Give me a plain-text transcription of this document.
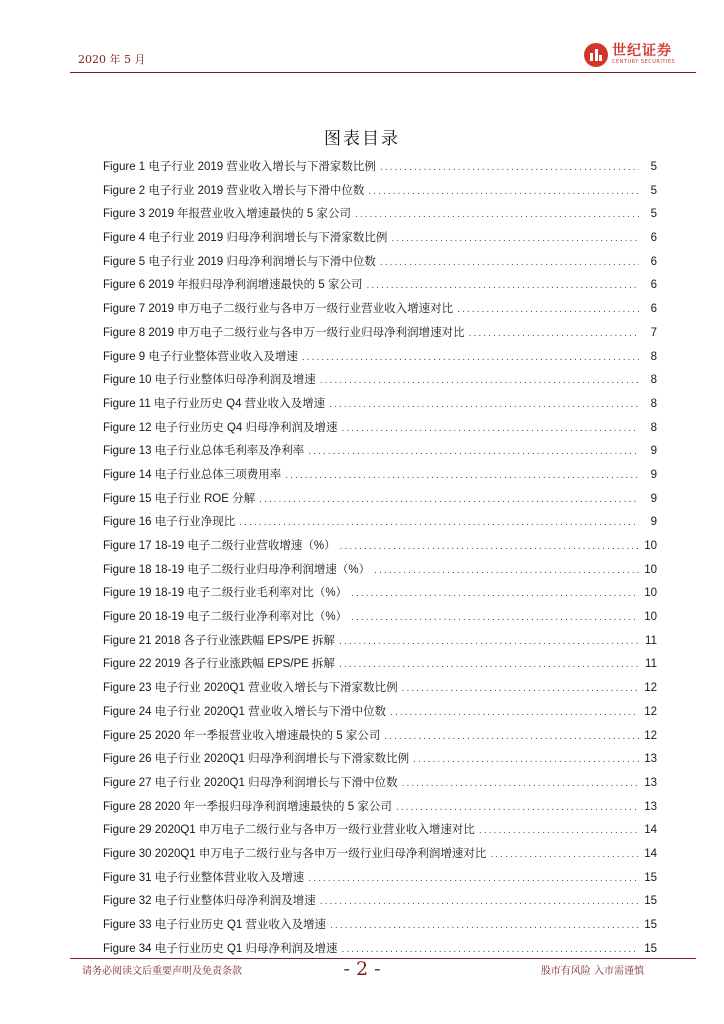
2020 年 5 月
世纪证券
CENTURY SECURITIES
图表目录
Figure 1 电子行业 2019 营业收入增长与下滑家数比例 .....	5
Figure 2 电子行业 2019 营业收入增长与下滑中位数 .....	5
Figure 3 2019 年报营业收入增速最快的 5 家公司 .....	5
Figure 4 电子行业 2019 归母净利润增长与下滑家数比例 .....	6
Figure 5 电子行业 2019 归母净利润增长与下滑中位数 .....	6
Figure 6 2019 年报归母净利润增速最快的 5 家公司 .....	6
Figure 7 2019 申万电子二级行业与各申万一级行业营业收入增速对比 .....	6
Figure 8 2019 申万电子二级行业与各申万一级行业归母净利润增速对比 .....	7
Figure 9 电子行业整体营业收入及增速 .....	8
Figure 10 电子行业整体归母净利润及增速 .....	8
Figure 11 电子行业历史 Q4 营业收入及增速 .....	8
Figure 12 电子行业历史 Q4 归母净利润及增速 .....	8
Figure 13 电子行业总体毛利率及净利率 .....	9
Figure 14 电子行业总体三项费用率 .....	9
Figure 15 电子行业 ROE 分解 .....	9
Figure 16 电子行业净现比 .....	9
Figure 17 18-19 电子二级行业营收增速（%） .....	10
Figure 18 18-19 电子二级行业归母净利润增速（%） .....	10
Figure 19 18-19 电子二级行业毛利率对比（%） .....	10
Figure 20 18-19 电子二级行业净利率对比（%） .....	10
Figure 21 2018 各子行业涨跌幅 EPS/PE 拆解 .....	11
Figure 22 2019 各子行业涨跌幅 EPS/PE 拆解 .....	11
Figure 23 电子行业 2020Q1 营业收入增长与下滑家数比例 .....	12
Figure 24 电子行业 2020Q1 营业收入增长与下滑中位数 .....	12
Figure 25 2020 年一季报营业收入增速最快的 5 家公司 .....	12
Figure 26 电子行业 2020Q1 归母净利润增长与下滑家数比例 .....	13
Figure 27 电子行业 2020Q1 归母净利润增长与下滑中位数 .....	13
Figure 28 2020 年一季报归母净利润增速最快的 5 家公司 .....	13
Figure 29 2020Q1 申万电子二级行业与各申万一级行业营业收入增速对比 .....	14
Figure 30 2020Q1 申万电子二级行业与各申万一级行业归母净利润增速对比 .....	14
Figure 31 电子行业整体营业收入及增速 .....	15
Figure 32 电子行业整体归母净利润及增速 .....	15
Figure 33 电子行业历史 Q1 营业收入及增速 .....	15
Figure 34 电子行业历史 Q1 归母净利润及增速 .....	15
请务必阅读文后重要声明及免责条款	- 2 -	股市有风险 入市需谨慎
